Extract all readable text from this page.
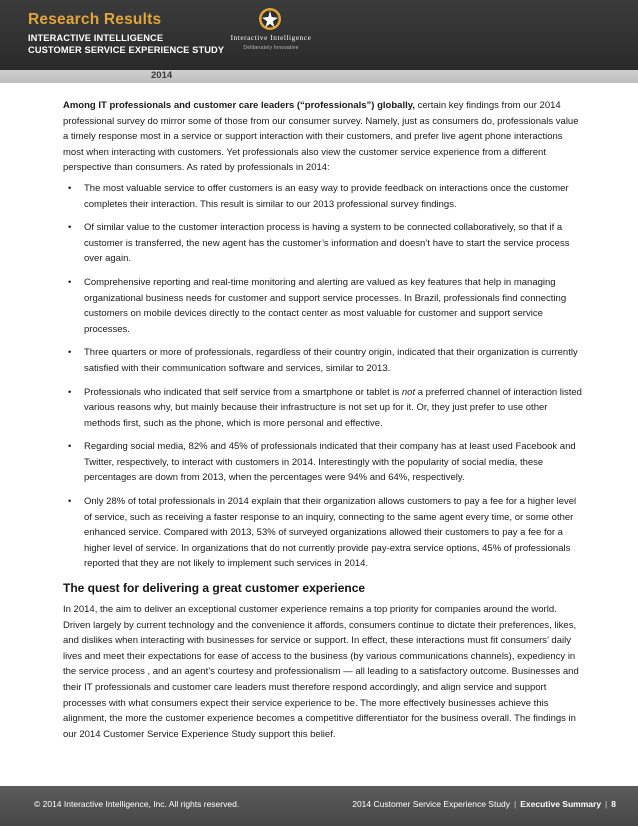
Research Results
INTERACTIVE INTELLIGENCE
CUSTOMER SERVICE EXPERIENCE STUDY
Interactive Intelligence
Deliberately Innovative
2014

Among IT professionals and customer care leaders (“professionals”) globally, certain key findings from our 2014 professional survey do mirror some of those from our consumer survey. Namely, just as consumers do, professionals value a timely response most in a service or support interaction with their customers, and prefer live agent phone interactions most when interacting with customers. Yet professionals also view the customer service experience from a different perspective than consumers. As rated by professionals in 2014:

• The most valuable service to offer customers is an easy way to provide feedback on interactions once the customer completes their interaction. This result is similar to our 2013 professional survey findings.
• Of similar value to the customer interaction process is having a system to be connected collaboratively, so that if a customer is transferred, the new agent has the customer’s information and doesn’t have to start the service process over again.
• Comprehensive reporting and real-time monitoring and alerting are valued as key features that help in managing organizational business needs for customer and support service processes. In Brazil, professionals find connecting customers on mobile devices directly to the contact center as most valuable for customer and support service processes.
• Three quarters or more of professionals, regardless of their country origin, indicated that their organization is currently satisfied with their communication software and services, similar to 2013.
• Professionals who indicated that self service from a smartphone or tablet is not a preferred channel of interaction listed various reasons why, but mainly because their infrastructure is not set up for it. Or, they just prefer to use other methods first, such as the phone, which is more personal and effective.
• Regarding social media, 82% and 45% of professionals indicated that their company has at least used Facebook and Twitter, respectively, to interact with customers in 2014. Interestingly with the popularity of social media, these percentages are down from 2013, when the percentages were 94% and 64%, respectively.
• Only 28% of total professionals in 2014 explain that their organization allows customers to pay a fee for a higher level of service, such as receiving a faster response to an inquiry, connecting to the same agent every time, or some other enhanced service. Compared with 2013, 53% of surveyed organizations allowed their customers to pay a fee for a higher level of service. In organizations that do not currently provide pay-extra service options, 45% of professionals reported that they are not likely to implement such services in 2014.
The quest for delivering a great customer experience

In 2014, the aim to deliver an exceptional customer experience remains a top priority for companies around the world. Driven largely by current technology and the convenience it affords, consumers continue to dictate their preferences, likes, and dislikes when interacting with businesses for service or support. In effect, these interactions must fit consumers’ daily lives and meet their expectations for ease of access to the business (by various communications channels), expediency in the service process , and an agent’s courtesy and professionalism — all leading to a satisfactory outcome. Businesses and their IT professionals and customer care leaders must therefore respond accordingly, and align service and support processes with what consumers expect their service experience to be. The more effectively businesses achieve this alignment, the more the customer experience becomes a competitive differentiator for the business overall. The findings in our 2014 Customer Service Experience Study support this belief.

© 2014 Interactive Intelligence, Inc. All rights reserved.	2014 Customer Service Experience Study | Executive Summary | 8
